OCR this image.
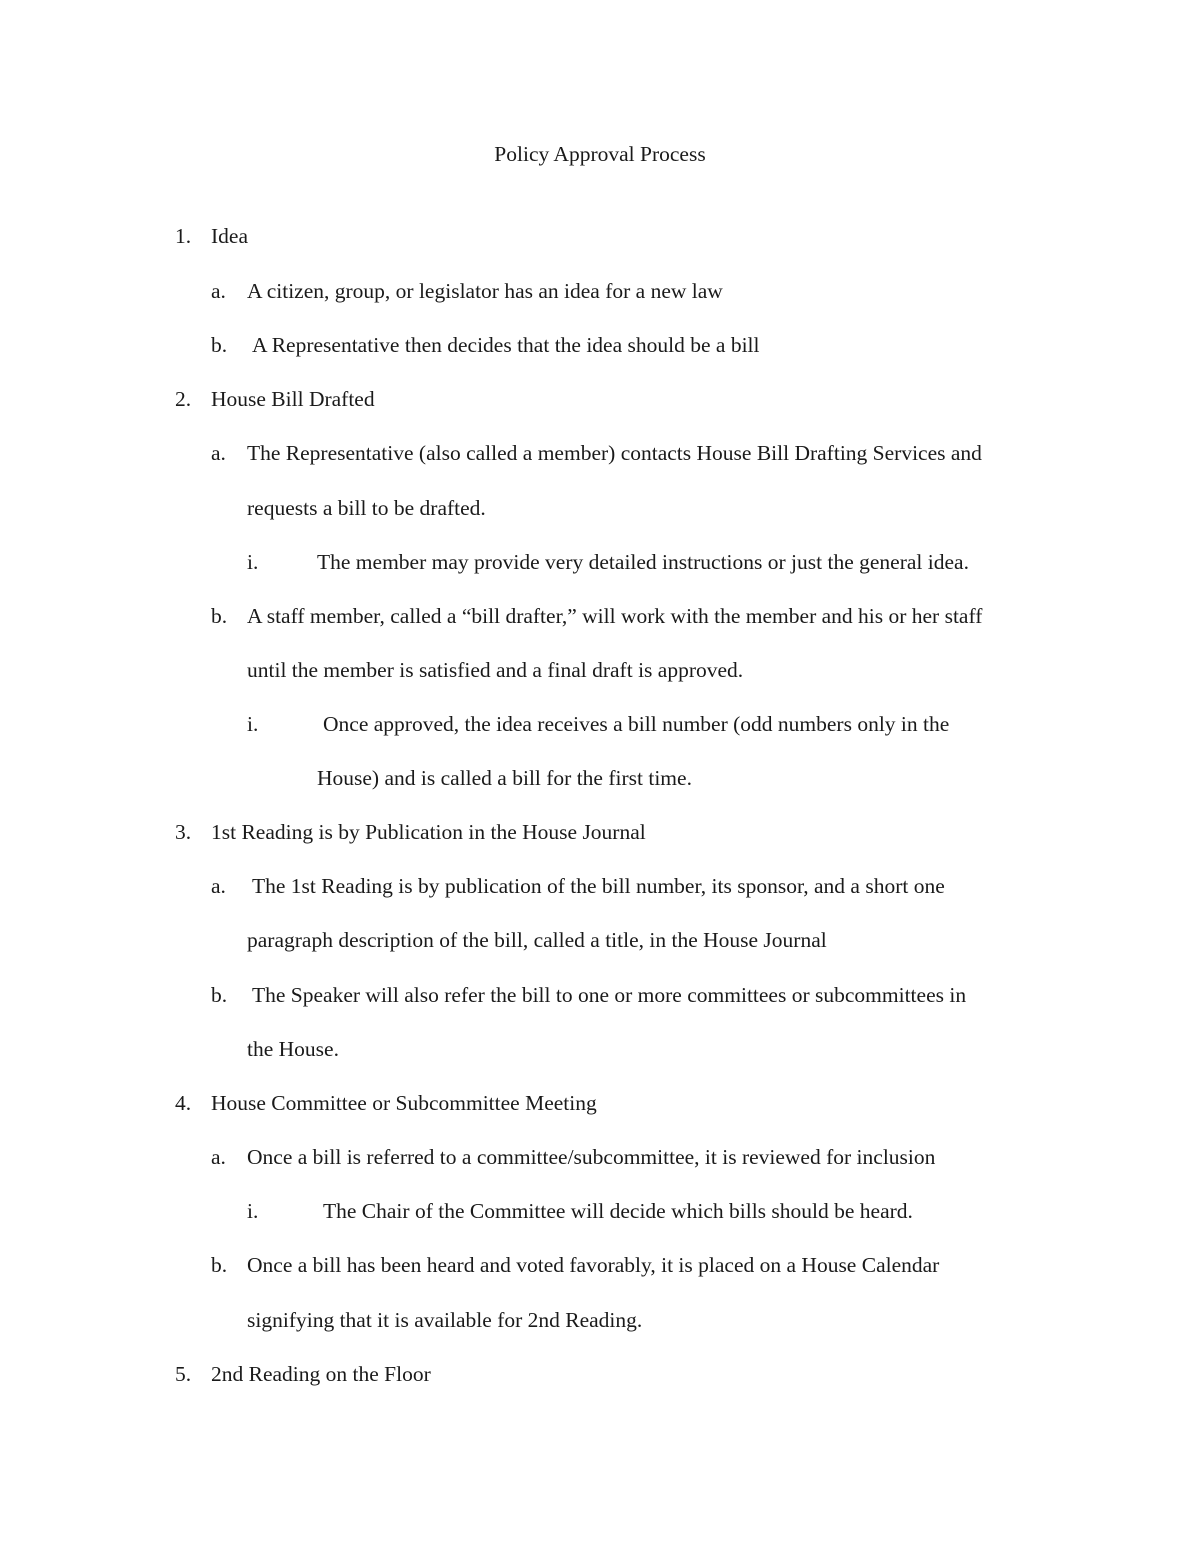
Policy Approval Process
1. Idea
a. A citizen, group, or legislator has an idea for a new law
b. A Representative then decides that the idea should be a bill
2. House Bill Drafted
a. The Representative (also called a member) contacts House Bill Drafting Services and
requests a bill to be drafted.
i.	The member may provide very detailed instructions or just the general idea.
b. A staff member, called a “bill drafter,” will work with the member and his or her staff
until the member is satisfied and a final draft is approved.
i.	Once approved, the idea receives a bill number (odd numbers only in the
House) and is called a bill for the first time.
3. 1st Reading is by Publication in the House Journal
a. The 1st Reading is by publication of the bill number, its sponsor, and a short one
paragraph description of the bill, called a title, in the House Journal
b. The Speaker will also refer the bill to one or more committees or subcommittees in
the House.
4. House Committee or Subcommittee Meeting
a. Once a bill is referred to a committee/subcommittee, it is reviewed for inclusion
i.	The Chair of the Committee will decide which bills should be heard.
b. Once a bill has been heard and voted favorably, it is placed on a House Calendar
signifying that it is available for 2nd Reading.
5. 2nd Reading on the Floor
